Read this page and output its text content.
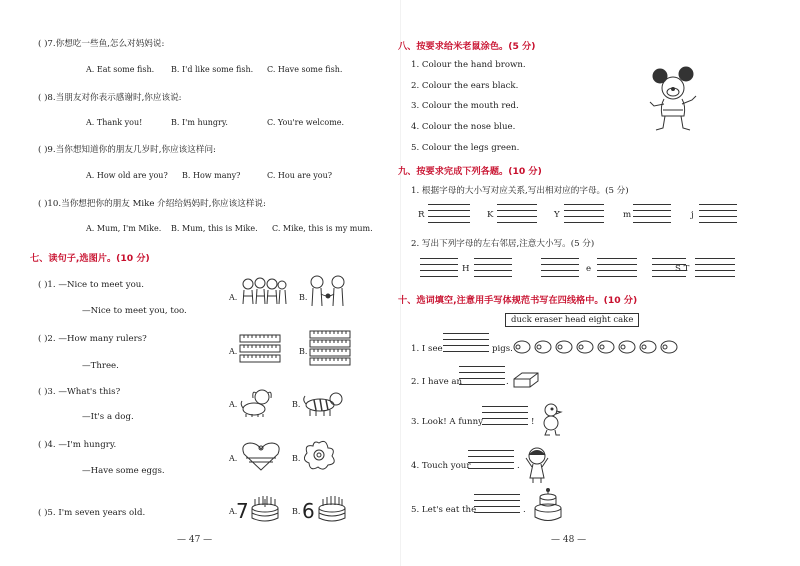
( )7.你想吃一些鱼,怎么对妈妈说:
A. Eat some fish. B. I'd like some fish. C. Have some fish.
( )8.当朋友对你表示感谢时,你应该说:
A. Thank you!	B. I'm hungry.	C. You're welcome.
( )9.当你想知道你的朋友几岁时,你应该这样问:
A. How old are you? B. How many?	C. Hou are you?
( )10.当你想把你的朋友 Mike 介绍给妈妈时,你应该这样说:
A. Mum, I'm Mike. B. Mum, this is Mike. C. Mike, this is my mum.
七、读句子,选图片。(10 分)
( )1. —Nice to meet you.
—Nice to meet you, too.
A.	B.
( )2. —How many rulers?
—Three.
A.	B.
( )3. —What's this?
—It's a dog.
A.	B.
( )4. —I'm hungry.
—Have some eggs.
A.	B.
( )5. I'm seven years old.	A.
7	B. 6
— 47 —
八、按要求给米老鼠涂色。(5 分)
1. Colour the hand brown.
2. Colour the ears black.
3. Colour the mouth red.
4. Colour the nose blue.
5. Colour the legs green.
九、按要求完成下列各题。(10 分)
1. 根据字母的大小写对应关系,写出相对应的字母。(5 分)
R	K	Y	m	j
2. 写出下列字母的左右邻居,注意大小写。(5 分)
H	e	S T
十、选词填空,注意用手写体规范书写在四线格中。(10 分)
duck eraser head eight cake
1. I see	pigs.
2. I have an	.
3. Look! A funny	!
4. Touch your	.
5. Let's eat the	.
— 48 —
